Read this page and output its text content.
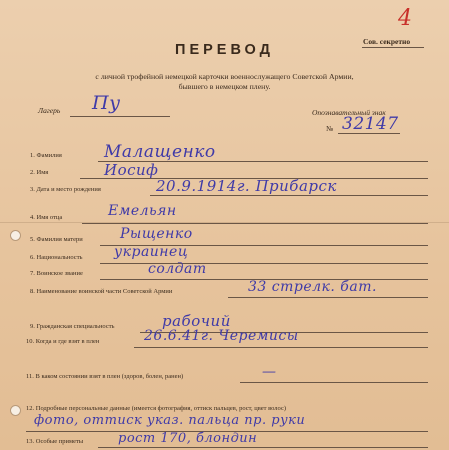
4
Сов. секретно
ПЕРЕВОД
с личной трофейной немецкой карточки военнослужащего Советской Армии,
бывшего в немецком плену.
Лагерь Пу	Опознавательный знак
№ 32147
1. Фамилия Малащенко
2. Имя	Иосиф
3. Дата и место рождения	20.9.1914г. Прибарск
4. Имя отца	Емельян
5. Фамилия матери	Рыщенко
6. Национальность украинец
7. Воинское звание	солдат
8. Наименование воинской части Советской Армии	33 стрелк. бат.
9. Гражданская специальность	рабочий
10. Когда и где взят в плен	26.6.41г. Черемисы
11. В каком состоянии взят в плен (здоров, болен, ранен)	—
12. Подробные персональные данные (имеется фотография, оттиск пальцев, рост, цвет волос)
фото, оттиск указ. пальца пр. руки
13. Особые приметы	рост 170, блондин
